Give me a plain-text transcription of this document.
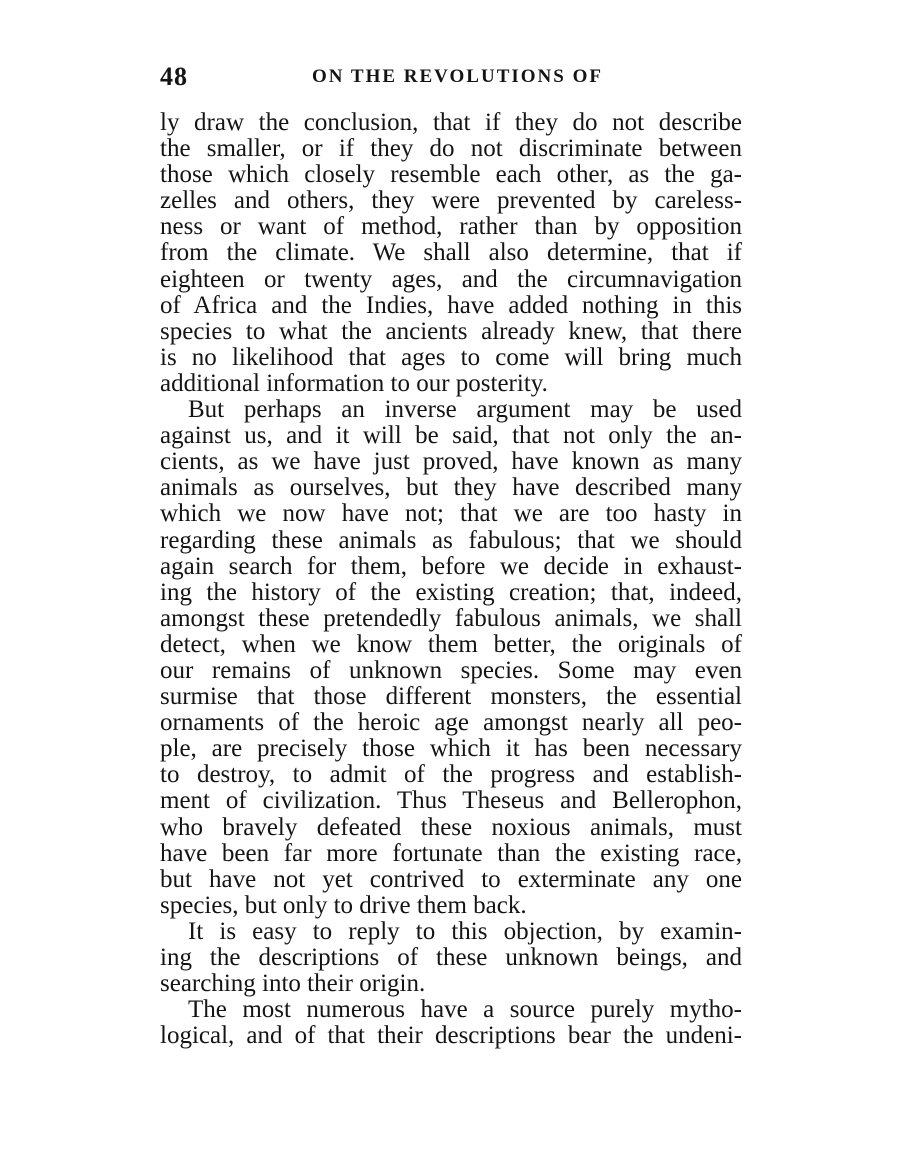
48	ON THE REVOLUTIONS OF
ly draw the conclusion, that if they do not describe
the smaller, or if they do not discriminate between
those which closely resemble each other, as the ga-
zelles and others, they were prevented by careless-
ness or want of method, rather than by opposition
from the climate. We shall also determine, that if
eighteen or twenty ages, and the circumnavigation
of Africa and the Indies, have added nothing in this
species to what the ancients already knew, that there
is no likelihood that ages to come will bring much
additional information to our posterity.
But perhaps an inverse argument may be used
against us, and it will be said, that not only the an-
cients, as we have just proved, have known as many
animals as ourselves, but they have described many
which we now have not; that we are too hasty in
regarding these animals as fabulous; that we should
again search for them, before we decide in exhaust-
ing the history of the existing creation; that, indeed,
amongst these pretendedly fabulous animals, we shall
detect, when we know them better, the originals of
our remains of unknown species. Some may even
surmise that those different monsters, the essential
ornaments of the heroic age amongst nearly all peo-
ple, are precisely those which it has been necessary
to destroy, to admit of the progress and establish-
ment of civilization. Thus Theseus and Bellerophon,
who bravely defeated these noxious animals, must
have been far more fortunate than the existing race,
but have not yet contrived to exterminate any one
species, but only to drive them back.
It is easy to reply to this objection, by examin-
ing the descriptions of these unknown beings, and
searching into their origin.
The most numerous have a source purely mytho-
logical, and of that their descriptions bear the undeni-
